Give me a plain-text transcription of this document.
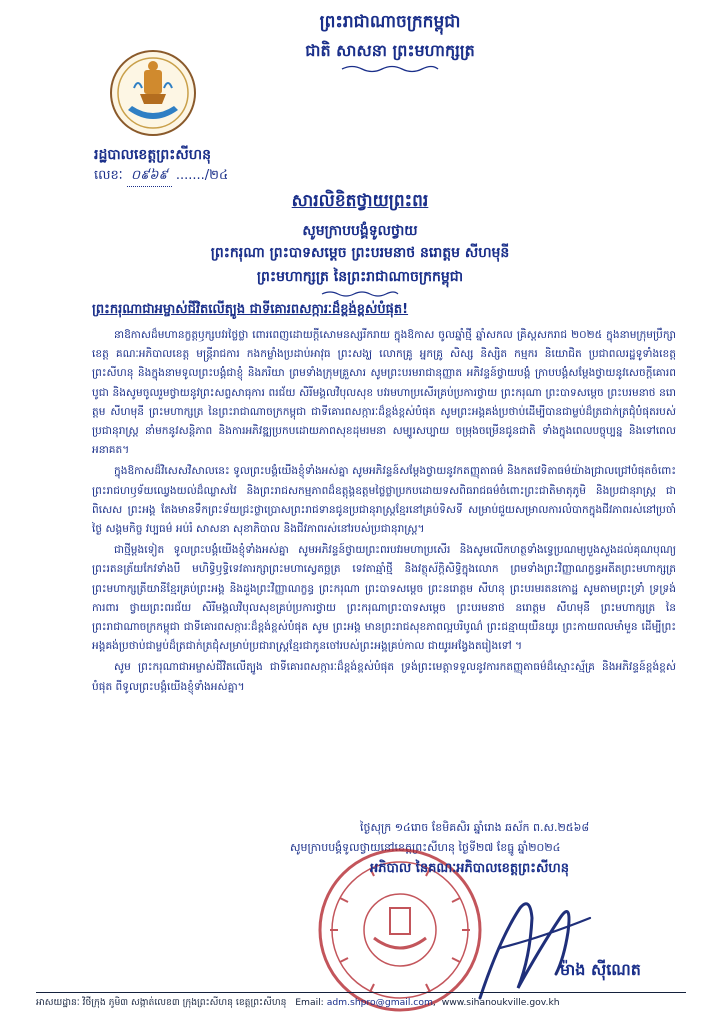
ព្រះរាជាណាចក្រកម្ពុជា
ជាតិ សាសនា ព្រះមហាក្សត្រ
រដ្ឋបាលខេត្តព្រះសីហនុ
លេខៈ ០៩៦៩ ......./២៤
សារលិខិតថ្វាយព្រះពរ
សូមក្រាបបង្គំទូលថ្វាយ
ព្រះករុណា ព្រះបាទសម្ដេច ព្រះបរមនាថ នរោត្ដម សីហមុនី
ព្រះមហាក្សត្រ នៃព្រះរាជាណាចក្រកម្ពុជា
ព្រះករុណាជាអម្ចាស់ជីវិតលើត្បូង ជាទីគោរពសក្ការៈដ៏ខ្ពង់ខ្ពស់បំផុត!

នាឱកាសដ៏មហានក្ខត្តឫក្សបវរថ្លៃថ្លា ពោរពេញដោយក្ដីសោមនស្សរីករាយ ក្នុងឱកាស ចូលឆ្នាំថ្មី ឆ្នាំសកល គ្រិស្តសករាជ ២០២៥ ក្នុងនាមក្រុមប្រឹក្សាខេត្ត គណៈអភិបាលខេត្ត មន្ត្រីរាជការ កងកម្លាំងប្រដាប់អាវុធ ព្រះសង្ឃ លោកគ្រូ អ្នកគ្រូ សិស្ស និស្សិត កម្មករ និយោជិត ប្រជាពលរដ្ឋទូទាំងខេត្តព្រះសីហនុ និងក្នុងនាមទូលព្រះបង្គំជាខ្ញុំ និងភរិយា ព្រមទាំងក្រុមគ្រួសារ សូមព្រះបរមរាជានុញ្ញាត អភិវន្ទន៍ថ្វាយបង្គំ ក្រាបបង្គំសម្ដែងថ្វាយនូវសេចក្ដីគោរពបូជា និងសូមចូលរួមថ្វាយនូវព្រះសព្ទសាធុការ ពរជ័យ សិរីមង្គលវិបុលសុខ បវរមហាប្រសើរគ្រប់ប្រការថ្វាយ ព្រះករុណា ព្រះបាទសម្ដេច ព្រះបរមនាថ នរោត្ដម សីហមុនី ព្រះមហាក្សត្រ នៃព្រះរាជាណាចក្រកម្ពុជា ជាទីគោរពសក្ការៈដ៏ខ្ពង់ខ្ពស់បំផុត សូមព្រះអង្គគង់ប្រថាប់ដើម្បីបានជាម្លប់ដ៏ត្រជាក់ត្រជុំបំផុតរបស់ប្រជានុរាស្ត្រ នាំមកនូវសន្តិភាព និងការអភិវឌ្ឍប្រកបដោយភាពសុខដុមរមនា សម្បូរសប្បាយ ចម្រុងចម្រើនជូនជាតិ ទាំងក្នុងពេលបច្ចុប្បន្ន និងទៅពេលអនាគត។

ក្នុងឱកាសដ៏វិសេសវិសាលនេះ ទូលព្រះបង្គំយើងខ្ញុំទាំងអស់គ្នា សូមអភិវន្ទន៍សម្ដែងថ្វាយនូវកតញ្ញុតាធម៌ និងកតវេទិតាធម៌យ៉ាងជ្រាលជ្រៅបំផុតចំពោះព្រះរាជហឫទ័យឈ្វេងយល់ដ៏ឈ្លាសវៃ និងព្រះរាជសកម្មភាពដ៏ឧត្ដុង្គឧត្ដមថ្លៃថ្លាប្រកបដោយទសពិធរាជធម៌ចំពោះព្រះជាតិមាតុភូមិ និងប្រជានុរាស្ត្រ ជាពិសេស ព្រះអង្គ តែងមានទឹកព្រះទ័យជ្រះថ្លាប្រោសព្រះរាជទានជូនប្រជានុរាស្ត្រខ្មែរនៅគ្រប់ទិសទី សម្រាប់ជួយសម្រាលការលំបាកក្នុងជីវភាពរស់នៅប្រចាំថ្ងៃ សង្គមកិច្ច វប្បធម៌ អប់រំ សាសនា សុខាភិបាល និងជីវភាពរស់នៅរបស់ប្រជានុរាស្ត្រ។

ជាថ្មីម្ដងទៀត ទូលព្រះបង្គំយើងខ្ញុំទាំងអស់គ្នា សូមអភិវន្ទន៍ថ្វាយព្រះពរបវរមហាប្រសើរ និងសូមលើកហត្ថទាំងទ្វេប្រណម្យបួងសួងដល់គុណបុណ្យព្រះរតនត្រ័យកែវទាំងបី មហិទ្ធិឫទ្ធិទេវតារក្សាព្រះមហាស្វេតច្ឆត្រ ទេវតាឆ្មាំថ្មី និងវត្ថុស័ក្ដិសិទ្ធិក្នុងលោក ព្រមទាំងព្រះវិញ្ញាណក្ខន្ធអតីតព្រះមហាក្សត្រ ព្រះមហាក្សត្រីយានីខ្មែរគ្រប់ព្រះអង្គ និងដួងព្រះវិញ្ញាណក្ខន្ធ ព្រះករុណា ព្រះបាទសម្ដេច ព្រះនរោត្ដម សីហនុ ព្រះបរមរតនកោដ្ឋ សូមតាមព្រះទ្រាំ ទ្រទ្រង់ការពារ ថ្វាយព្រះពរជ័យ សិរីមង្គលវិបុលសុខគ្រប់ប្រការថ្វាយ ព្រះករុណាព្រះបាទសម្ដេច ព្រះបរមនាថ នរោត្ដម សីហមុនី ព្រះមហាក្សត្រ នៃព្រះរាជាណាចក្រកម្ពុជា ជាទីគោរពសក្ការៈដ៏ខ្ពង់ខ្ពស់បំផុត សូម ព្រះអង្គ មានព្រះរាជសុខភាពល្អបរិបូណ៌ ព្រះជន្មាយុយឺនយូរ ព្រះកាយពលមាំមួន ដើម្បីព្រះអង្គគង់ប្រថាប់ជាម្លប់ដ៏ត្រជាក់ត្រជុំសម្រាប់ប្រជារាស្ត្រខ្មែរជាកូនចៅរបស់ព្រះអង្គគ្រប់កាល ជាយូរអង្វែងតរៀងទៅ ។

សូម ព្រះករុណាជាអម្ចាស់ជីវិតលើត្បូង ជាទីគោរពសក្ការៈដ៏ខ្ពង់ខ្ពស់បំផុត ទ្រង់ព្រះមេត្តាទទួលនូវការកតញ្ញុតាធម៌ដ៏ស្មោះស្ម័គ្រ និងអភិវន្ទន៍ខ្ពង់ខ្ពស់បំផុត ពីទូលព្រះបង្គំយើងខ្ញុំទាំងអស់គ្នា។

ថ្ងៃសុក្រ ១៤រោច ខែមិគសិរ ឆ្នាំរោង ឆស័ក ព.ស.២៥៦៨
សូមក្រាបបង្គំទូលថ្វាយនៅខេត្តព្រះសីហនុ ថ្ងៃទី២៧ ខែធ្នូ ឆ្នាំ២០២៤
អភិបាល នៃគណៈអភិបាលខេត្តព្រះសីហនុ
ម៉ាង ស៊ីណេត
អាសយដ្ឋានៈ វិថីក្រុង ភូមិ៣ សង្កាត់លេខ៣ ក្រុងព្រះសីហនុ ខេត្តព្រះសីហនុ Email: adm.shpro@gmail.com,  www.sihanoukville.gov.kh
